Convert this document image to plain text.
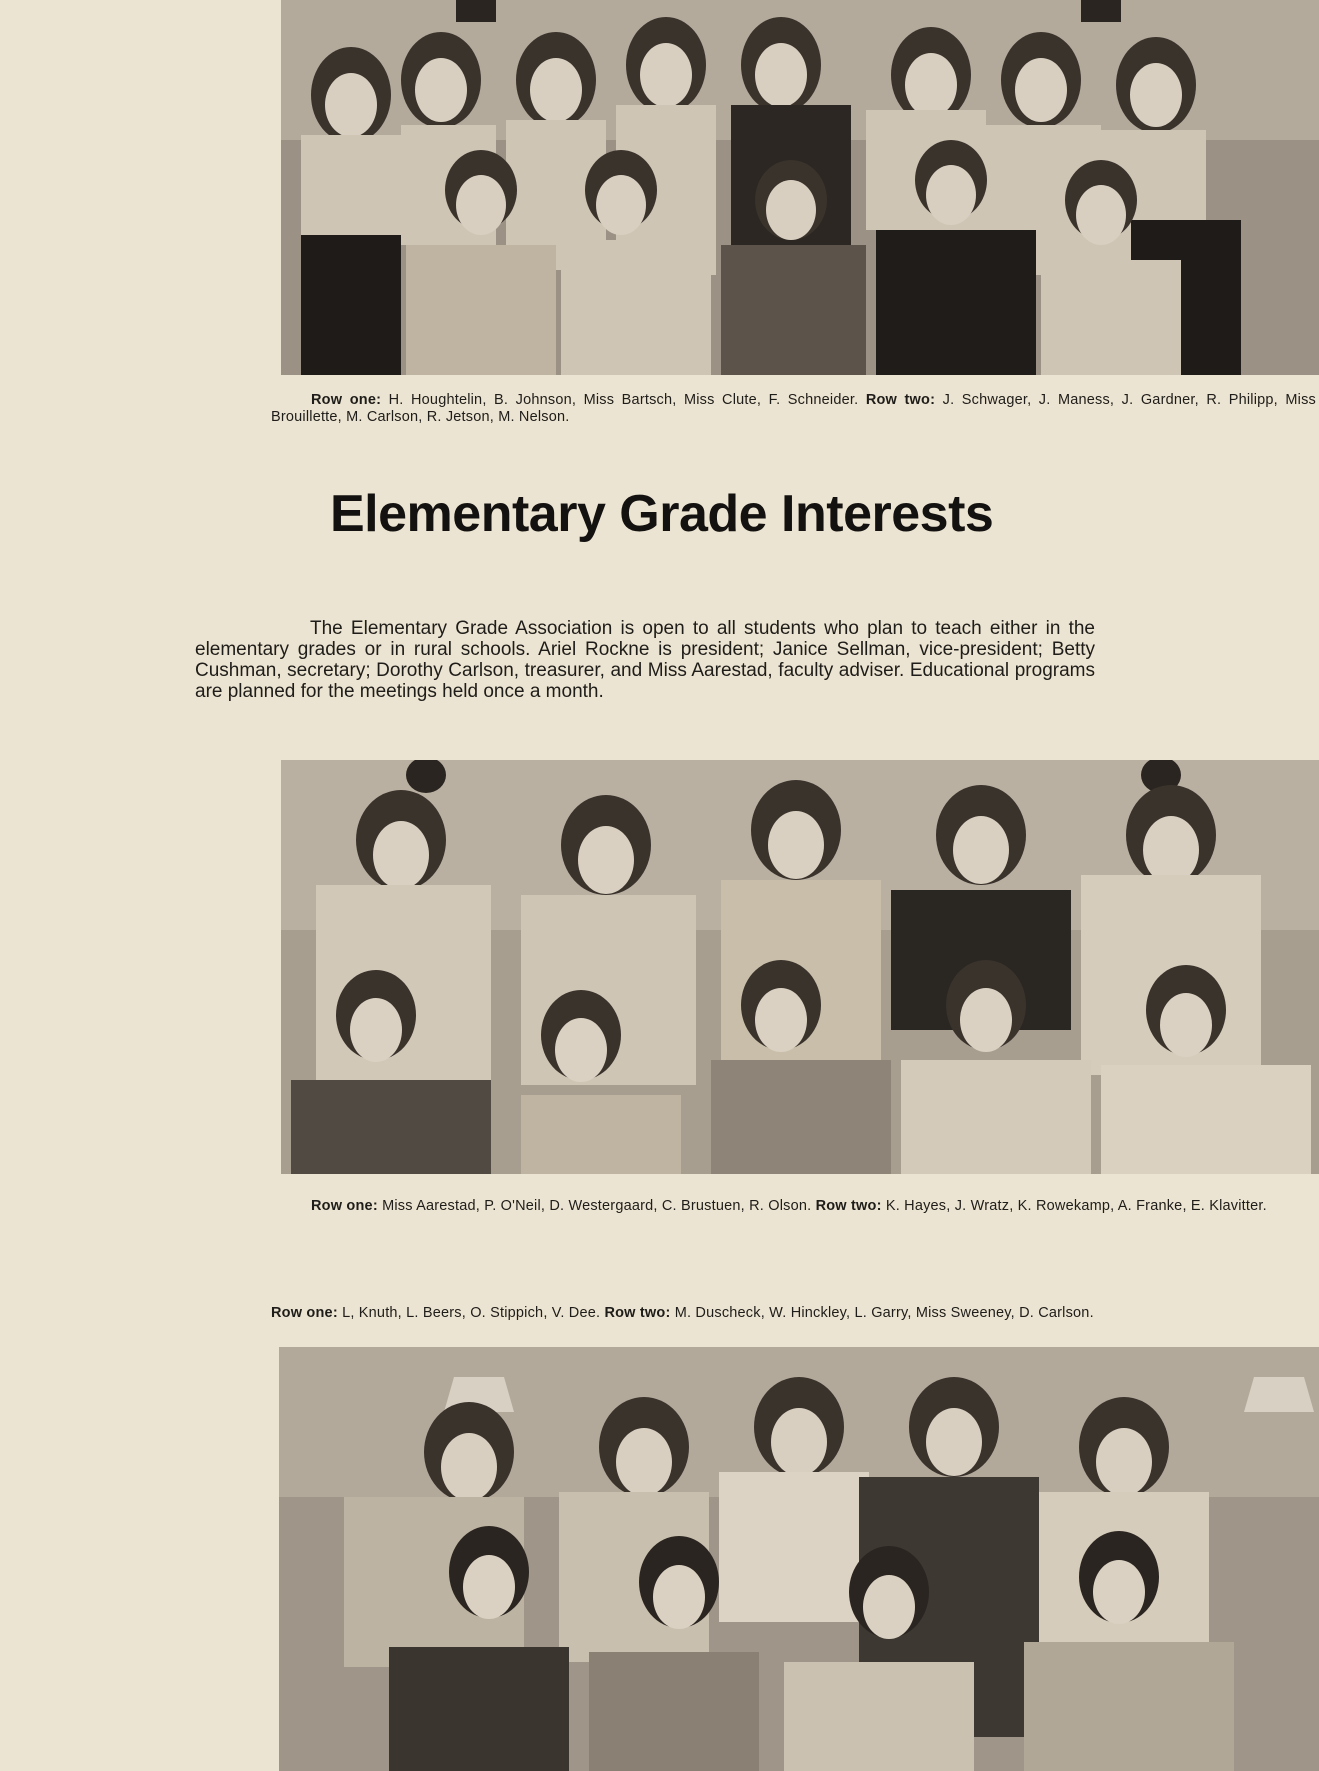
Row one: H. Houghtelin, B. Johnson, Miss Bartsch, Miss Clute, F. Schneider. Row two: J. Schwager, J. Maness, J. Gardner, R. Philipp, Miss Brouillette, M. Carlson, R. Jetson, M. Nelson.
Elementary Grade Interests
The Elementary Grade Association is open to all students who plan to teach either in the elementary grades or in rural schools. Ariel Rockne is president; Janice Sellman, vice-president; Betty Cushman, secretary; Dorothy Carlson, treasurer, and Miss Aarestad, faculty adviser. Educational programs are planned for the meetings held once a month.
Row one: Miss Aarestad, P. O'Neil, D. Westergaard, C. Brustuen, R. Olson. Row two: K. Hayes, J. Wratz, K. Rowekamp, A. Franke, E. Klavitter.
Row one: L, Knuth, L. Beers, O. Stippich, V. Dee. Row two: M. Duscheck, W. Hinckley, L. Garry, Miss Sweeney, D. Carlson.
